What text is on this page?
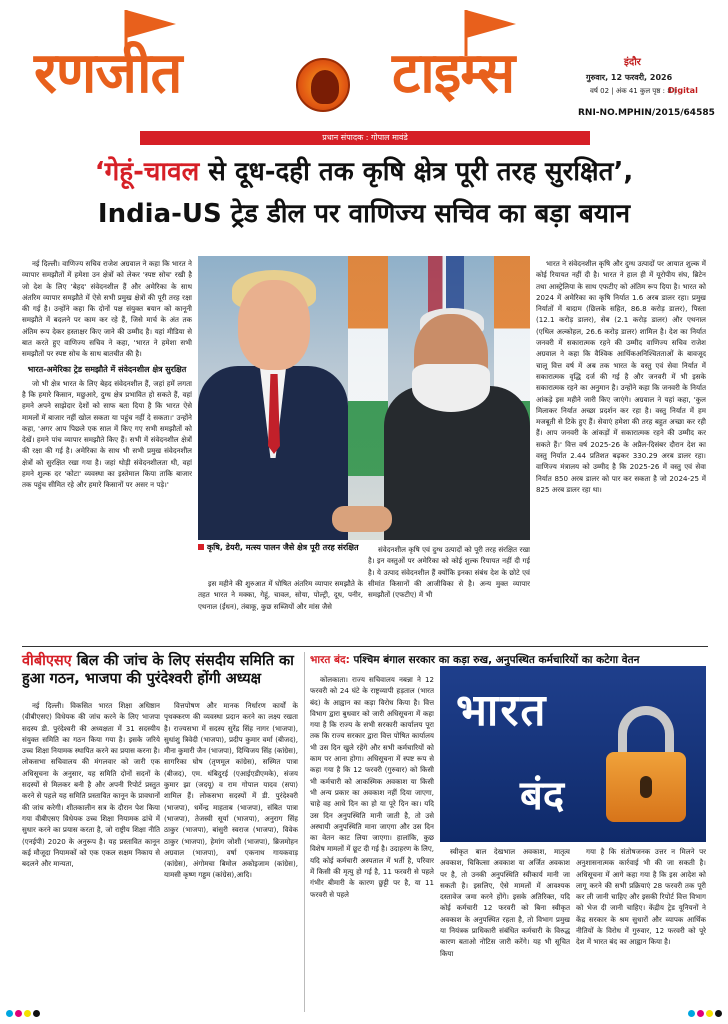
रणजीत	टाइम्स	इंदौर
गुरुवार, 12 फरवरी, 2026
वर्ष 02 | अंक 41 कुल पृष्ठ : 8 |
Digital
RNI-NO.MPHIN/2015/64585
प्रधान संपादक : गोपाल मावंडे
‘गेहूं-चावल से दूध-दही तक कृषि क्षेत्र पूरी तरह सुरक्षित’,
India-US ट्रेड डील पर वाणिज्य सचिव का बड़ा बयान

नई दिल्ली। वाणिज्य सचिव राजेश अग्रवाल ने कहा कि भारत ने व्यापार समझौतों में हमेशा उन क्षेत्रों को लेकर 'स्पष्ट सोच' रखी है जो देश के लिए 'बेहद' संवेदनशील हैं और अमेरिका के साथ अंतरिम व्यापार समझौते में ऐसे सभी प्रमुख क्षेत्रों की पूरी तरह रक्षा की गई है। उन्होंने कहा कि दोनों पक्ष संयुक्त बयान को कानूनी समझौते में बदलने पर काम कर रहे हैं, जिसे मार्च के अंत तक अंतिम रूप देकर हस्ताक्षर किए जाने की उम्मीद है। यहां मीडिया से बात करते हुए वाणिज्य सचिव ने कहा, 'भारत ने हमेशा सभी समझौतों पर स्पष्ट सोच के साथ बातचीत की है।

भारत-अमेरिका ट्रेड समझौते में संवेदनशील क्षेत्र सुरक्षित

जो भी क्षेत्र भारत के लिए बेहद संवेदनशील हैं, जहां हमें लगता है कि हमारे किसान, मछुआरे, दुग्ध क्षेत्र प्रभावित हो सकते हैं, वहां हमने अपने साझेदार देशों को साफ बता दिया है कि भारत ऐसे मामलों में बाजार नहीं खोल सकता या पहुंच नहीं दे सकता।' उन्होंने कहा, 'अगर आप पिछले एक साल में किए गए सभी समझौतों को देखें। हमने पांच व्यापार समझौते किए हैं। सभी में संवेदनशील क्षेत्रों की रक्षा की गई है। अमेरिका के साथ भी सभी प्रमुख संवेदनशील क्षेत्रों को सुरक्षित रखा गया है। जहां थोड़ी संवेदनशीलता थी, वहां हमने शुल्क दर 'कोटा' व्यवस्था का इस्तेमाल किया ताकि बाजार तक पहुंच सीमित रहे और हमारे किसानों पर असर न पड़े।'

कृषि, डेयरी, मत्स्य पालन जैसे क्षेत्र पूरी तरह संरक्षित

इस महीने की शुरुआत में घोषित अंतरिम व्यापार समझौते के तहत भारत ने मक्का, गेहूं, चावल, सोया, पोल्ट्री, दूध, पनीर, एथनाल (ईंधन), तंबाकू, कुछ सब्जियों और मांस जैसे

संवेदनशील कृषि एवं दुग्ध उत्पादों को पूरी तरह संरक्षित रखा है। इन वस्तुओं पर अमेरिका को कोई शुल्क रियायत नहीं दी गई है। ये उत्पाद संवेदनशील हैं क्योंकि इनका संबंध देश के छोटे एवं सीमांत किसानों की आजीविका से है। अन्य मुक्त व्यापार समझौतों (एफटीए) में भी

भारत ने संवेदनशील कृषि और दुग्ध उत्पादों पर आयात शुल्क में कोई रियायत नहीं दी है। भारत ने हाल ही में यूरोपीय संघ, ब्रिटेन तथा आस्ट्रेलिया के साथ एफटीए को अंतिम रूप दिया है। भारत को 2024 में अमेरिका का कृषि निर्यात 1.6 अरब डालर रहा। प्रमुख निर्यातों में बादाम (छिलके सहित, 86.8 करोड़ डालर), पिस्ता (12.1 करोड़ डालर), सेब (2.1 करोड़ डालर) और एथनाल (एथिल अल्कोहल, 26.6 करोड़ डालर) शामिल है। देश का निर्यात जनवरी में सकारात्मक रहने की उम्मीद वाणिज्य सचिव राजेश अग्रवाल ने कहा कि वैश्विक आर्थिकअनिश्चितताओं के बावजूद चालू वित्त वर्ष में अब तक भारत के वस्तु एवं सेवा निर्यात में सकारात्मक वृद्धि दर्ज की गई है और जनवरी में भी इसके सकारात्मक रहने का अनुमान है। उन्होंने कहा कि जनवरी के निर्यात आंकड़े इस महीने जारी किए जाएंगे। अग्रवाल ने यहां कहा, 'कुल मिलाकर निर्यात अच्छा प्रदर्शन कर रहा है। वस्तु निर्यात में हम मजबूती से टिके हुए हैं। सेवाएं हमेशा की तरह बहुत अच्छा कर रही हैं। आप जनवरी के आंकड़ों में सकारात्मक रहने की उम्मीद कर सकते हैं।' वित्त वर्ष 2025-26 के अप्रैल-दिसंबर दौरान देश का वस्तु निर्यात 2.44 प्रतिशत बढ़कर 330.29 अरब डालर रहा। वाणिज्य मंत्रालय को उम्मीद है कि 2025-26 में वस्तु एवं सेवा निर्यात 850 अरब डालर को पार कर सकता है जो 2024-25 में 825 अरब डालर रहा था।

वीबीएसए बिल की जांच के लिए संसदीय समिति का हुआ गठन, भाजपा की पुरंदेश्वरी होंगी अध्यक्ष

नई दिल्ली। विकसित भारत शिक्षा अधिष्ठान (वीबीएसए) विधेयक की जांच करने के लिए भाजपा सदस्य डी. पुरंदेश्वरी की अध्यक्षता में 31 सदस्यीय संयुक्त समिति का गठन किया गया है। इसके जरिये उच्च शिक्षा नियामक स्थापित करने का प्रयास करना है। लोकसभा सचिवालय की मंगलवार को जारी एक अधिसूचना के अनुसार, यह समिति दोनों सदनों के सदस्यों से मिलकर बनी है और अपनी रिपोर्ट प्रस्तुत करने से पहले यह समिति प्रस्तावित कानून के प्रावधानों की जांच करेगी। शीतकालीन सत्र के दौरान पेश किया गया वीबीएसए विधेयक उच्च शिक्षा नियामक ढांचे में सुधार करने का प्रयास करता है, जो राष्ट्रीय शिक्षा नीति (एनईपी) 2020 के अनुरूप है। यह प्रस्तावित कानून कई मौजूदा नियामकों को एक एकल सक्षम निकाय से बदलने और मान्यता,

वित्तपोषण और मानक निर्धारण कार्यों के पृथक्करण की व्यवस्था प्रदान करने का लक्ष्य रखता है। राज्यसभा में सदस्य सुरेंद्र सिंह नागर (भाजपा), सुधांशु त्रिवेदी (भाजपा), प्रदीप कुमार वर्मा (बीजद), मीना कुमारी जैन (भाजपा), दिग्विजय सिंह (कांग्रेस), सागरिका घोष (तृणमूल कांग्रेस), सस्मित पात्रा (बीजद), एम. थंबिदुरई (एआईएडीएमके), संजय कुमार झा (जदयू) व राम गोपाल यादव (सपा) शामिल हैं। लोकसभा सदस्यों में डी. पुरंदेश्वरी (भाजपा), धर्मेन्द्र माहताब (भाजपा), संबित पात्रा (भाजपा), तेजस्वी सूर्या (भाजपा), अनुराग सिंह ठाकुर (भाजपा), बांसुरी स्वराज (भाजपा), विवेक ठाकुर (भाजपा), हेमांग जोशी (भाजपा), ब्रिजमोहन अग्रवाल (भाजपा), वर्षा एकनाथ गायकवाड़ (कांग्रेस), अंगोमचा बिमोल अकोइजाम (कांग्रेस), यामसी कृष्ण गड्डम (कांग्रेस),आदि।

भारत बंद: पश्चिम बंगाल सरकार का कड़ा रुख, अनुपस्थित कर्मचारियों का कटेगा वेतन

कोलकाता। राज्य सचिवालय नबन्ना ने 12 फरवरी को 24 घंटे के राष्ट्रव्यापी हड़ताल (भारत बंद) के आह्वान का कड़ा विरोध किया है। वित्त विभाग द्वारा बुधवार को जारी अधिसूचना में कहा गया है कि राज्य के सभी सरकारी कार्यालय पूरा तक कि राज्य सरकार द्वारा वित्त पोषित कार्यालय भी उस दिन खुले रहेंगे और सभी कर्मचारियों को काम पर आना होगा। अधिसूचना में स्पष्ट रूप से कहा गया है कि 12 फरवरी (गुरुवार) को किसी भी कर्मचारी को आकस्मिक अवकाश या किसी भी अन्य प्रकार का अवकाश नहीं दिया जाएगा, चाहे वह आधे दिन का हो या पूरे दिन का। यदि उस दिन अनुपस्थिति मानी जाती है, तो उसे अस्थायी अनुपस्थिति माना जाएगा और उस दिन का वेतन काट लिया जाएगा। हालांकि, कुछ विशेष मामलों में छूट दी गई है। उदाहरण के लिए, यदि कोई कर्मचारी अस्पताल में भर्ती है, परिवार में किसी की मृत्यु हो गई है, 11 फरवरी से पहले गंभीर बीमारी के कारण छुट्टी पर है, या 11 फरवरी से पहले

भारत
बंद

स्वीकृत बाल देखभाल अवकाश, मातृत्व अवकाश, चिकित्सा अवकाश या अर्जित अवकाश पर है, तो उनकी अनुपस्थिति स्वीकार्य मानी जा सकती है। इसलिए, ऐसे मामलों में आवश्यक दस्तावेज जमा करने होंगे। इसके अतिरिक्त, यदि कोई कर्मचारी 12 फरवरी को बिना स्वीकृत अवकाश के अनुपस्थित रहता है, तो विभाग प्रमुख या नियंत्रक प्राधिकारी संबंधित कर्मचारी के विरुद्ध कारण बताओ नोटिस जारी करेंगे। यह भी सूचित किया

गया है कि संतोषजनक उत्तर न मिलने पर अनुशासनात्मक कार्रवाई भी की जा सकती है। अधिसूचना में आगे कहा गया है कि इस आदेश को लागू करने की सभी प्रक्रियाएं 28 फरवरी तक पूरी कर ली जानी चाहिए और इसकी रिपोर्ट वित्त विभाग को भेज दी जानी चाहिए। केंद्रीय ट्रेड यूनियनों ने केंद्र सरकार के श्रम सुधारों और व्यापक आर्थिक नीतियों के विरोध में गुरुवार, 12 फरवरी को पूरे देश में भारत बंद का आह्वान किया है।
